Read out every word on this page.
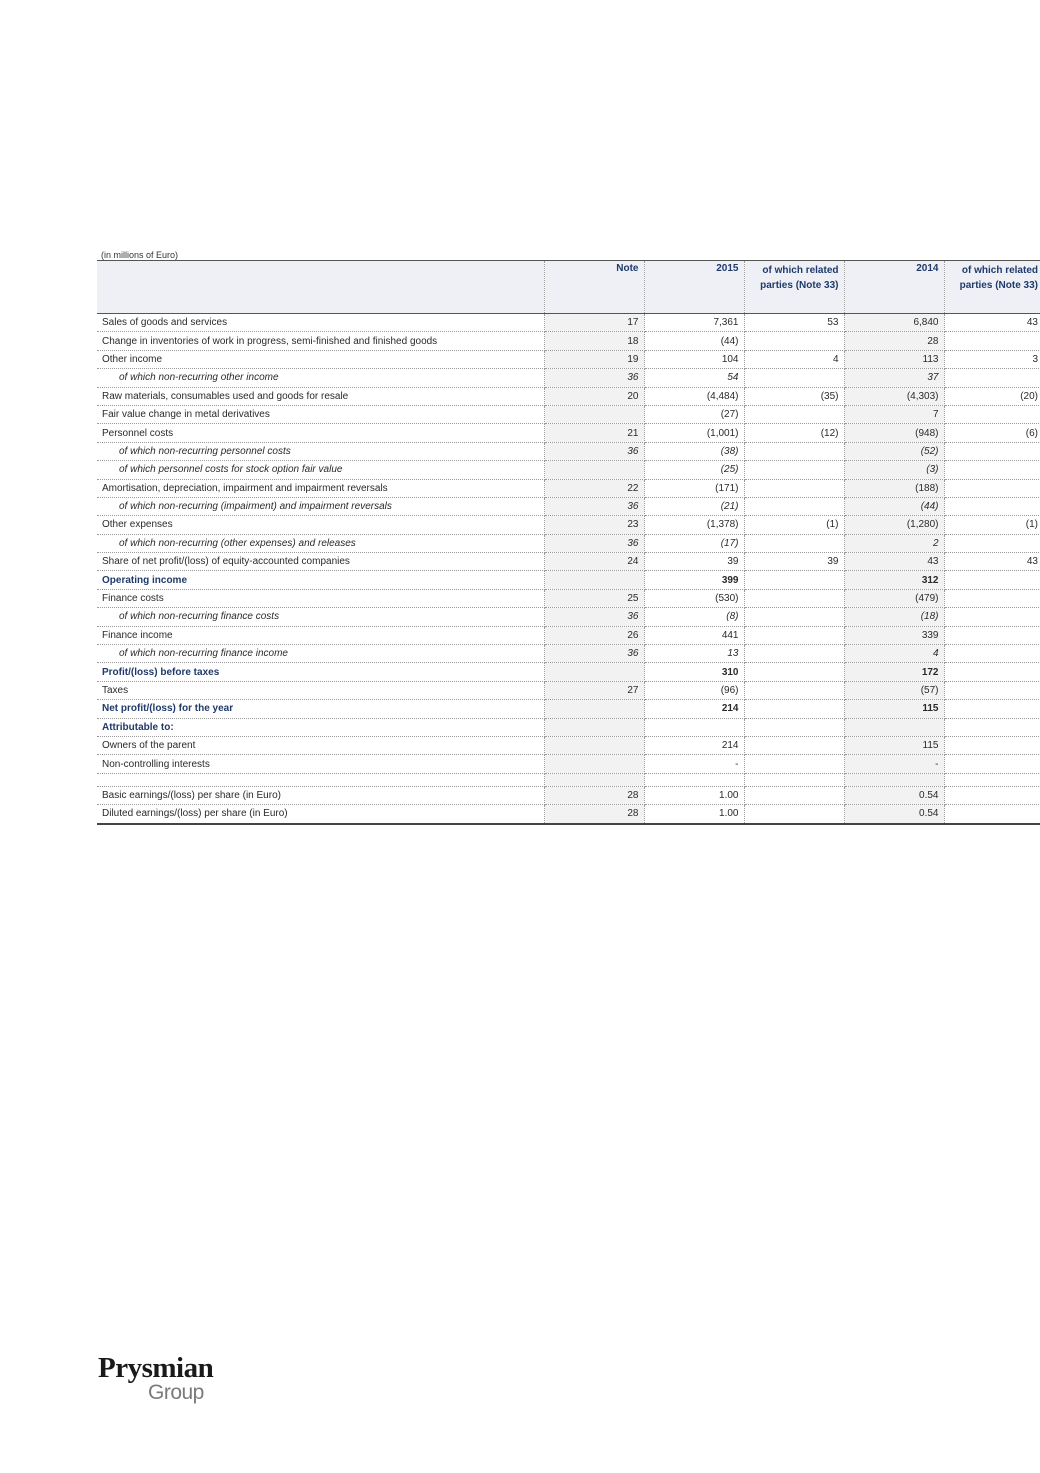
(in millions of Euro)
	Note	2015	of which related parties (Note 33)	2014	of which related parties (Note 33)
Sales of goods and services	17	7,361	53	6,840	43
Change in inventories of work in progress, semi-finished and finished goods	18	(44)		28	
Other income	19	104	4	113	3
of which non-recurring other income	36	54		37	
Raw materials, consumables used and goods for resale	20	(4,484)	(35)	(4,303)	(20)
Fair value change in metal derivatives		(27)		7	
Personnel costs	21	(1,001)	(12)	(948)	(6)
of which non-recurring personnel costs	36	(38)		(52)	
of which personnel costs for stock option fair value		(25)		(3)	
Amortisation, depreciation, impairment and impairment reversals	22	(171)		(188)	
of which non-recurring (impairment) and impairment reversals	36	(21)		(44)	
Other expenses	23	(1,378)	(1)	(1,280)	(1)
of which non-recurring (other expenses) and releases	36	(17)		2	
Share of net profit/(loss) of equity-accounted companies	24	39	39	43	43
Operating income		399		312	
Finance costs	25	(530)		(479)	
of which non-recurring finance costs	36	(8)		(18)	
Finance income	26	441		339	
of which non-recurring finance income	36	13		4	
Profit/(loss) before taxes		310		172	
Taxes	27	(96)		(57)	
Net profit/(loss) for the year		214		115	
Attributable to:					
Owners of the parent		214		115	
Non-controlling interests		-		-	

Basic earnings/(loss) per share (in Euro)	28	1.00		0.54	
Diluted earnings/(loss) per share (in Euro)	28	1.00		0.54	
Prysmian
Group
